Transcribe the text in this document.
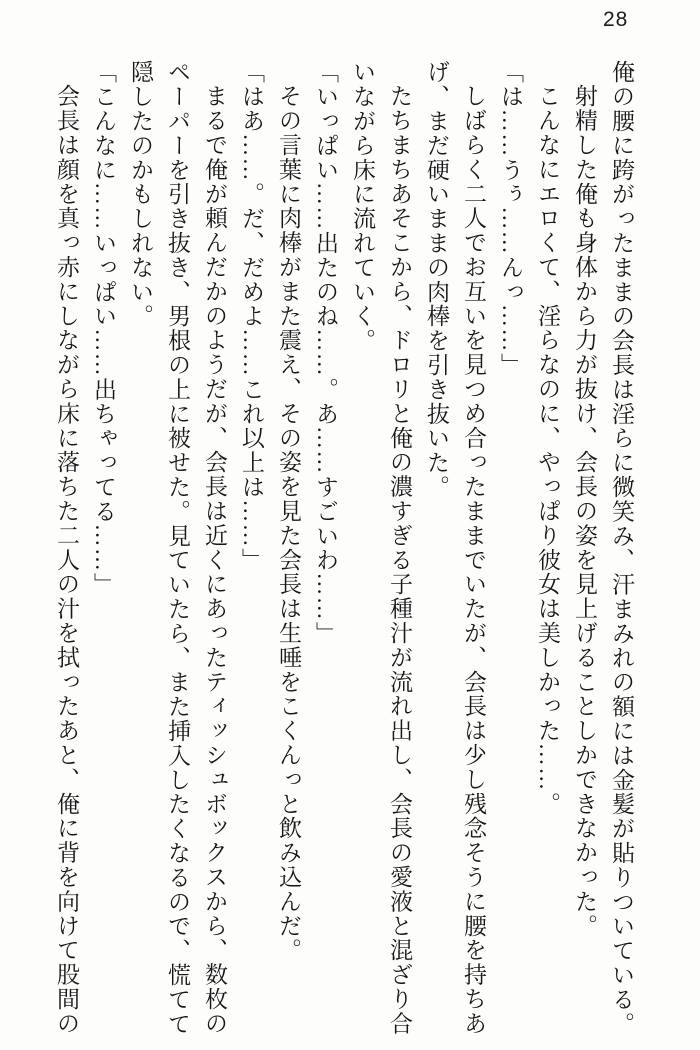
28

俺の腰に跨がったままの会長は淫らに微笑み、汗まみれの額には金髪が貼りついている。

射精した俺も身体から力が抜け、会長の姿を見上げることしかできなかった。

こんなにエロくて、淫らなのに、やっぱり彼女は美しかった……。

「は……うぅ……んっ……」

しばらく二人でお互いを見つめ合ったままでいたが、会長は少し残念そうに腰を持ちあげ、まだ硬いままの肉棒を引き抜いた。

たちまちあそこから、ドロリと俺の濃すぎる子種汁が流れ出し、会長の愛液と混ざり合いながら床に流れていく。

「いっぱい……出たのね……。あ……すごいわ……」

その言葉に肉棒がまた震え、その姿を見た会長は生唾をこくんっと飲み込んだ。

「はあ……。だ、だめよ……これ以上は……」

まるで俺が頼んだかのようだが、会長は近くにあったティッシュボックスから、数枚のペーパーを引き抜き、男根の上に被せた。見ていたら、また挿入したくなるので、慌てて隠したのかもしれない。

「こんなに……いっぱい……出ちゃってる……」

会長は顔を真っ赤にしながら床に落ちた二人の汁を拭ったあと、俺に背を向けて股間の
